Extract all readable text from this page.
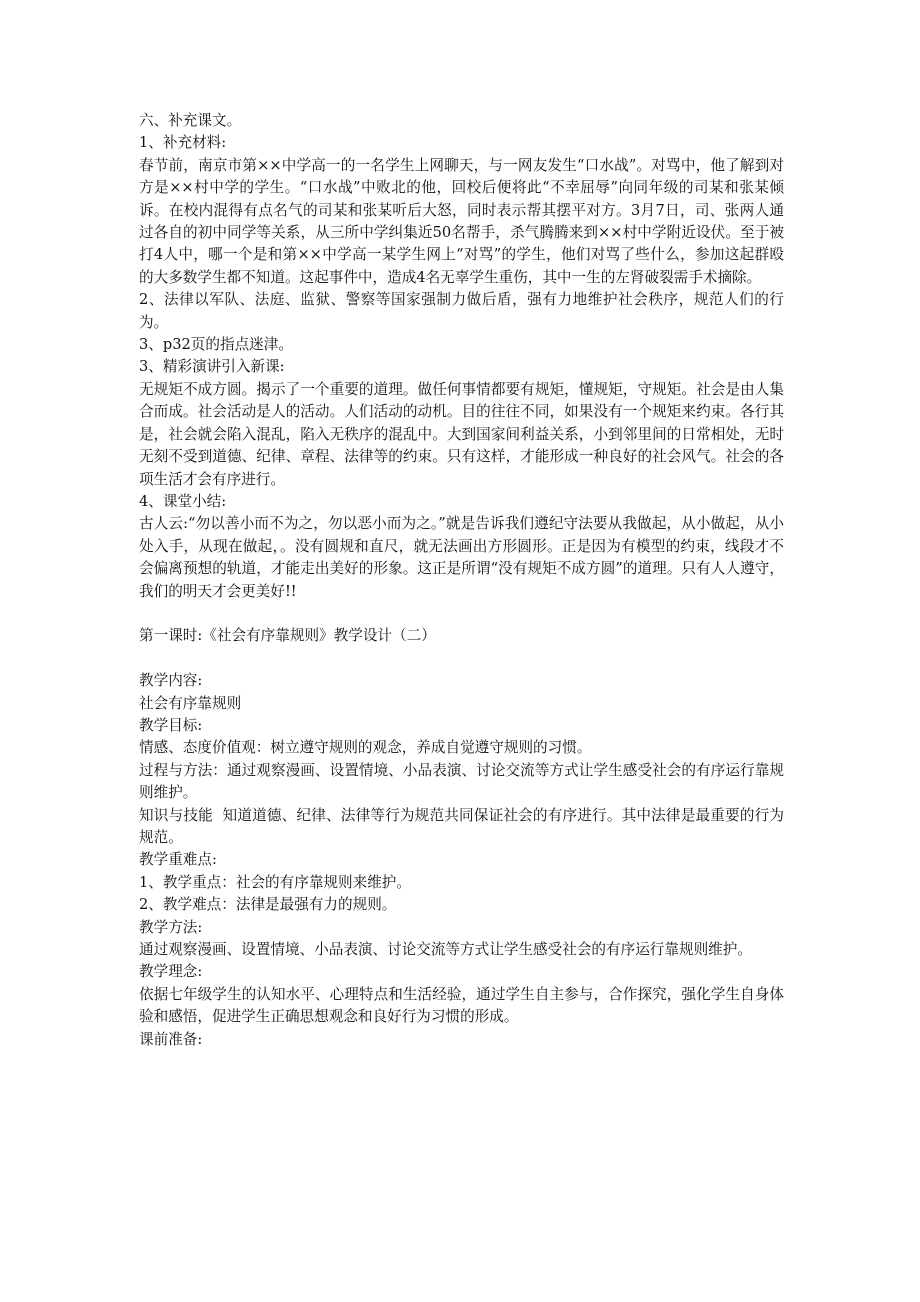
六、补充课文。
1、补充材料:
春节前，南京市第××中学高一的一名学生上网聊天，与一网友发生“口水战”。对骂中，他了解到对方是××村中学的学生。“口水战”中败北的他，回校后便将此“不幸屈辱”向同年级的司某和张某倾诉。在校内混得有点名气的司某和张某听后大怒，同时表示帮其摆平对方。3月7日，司、张两人通过各自的初中同学等关系，从三所中学纠集近50名帮手，杀气腾腾来到××村中学附近设伏。至于被打4人中，哪一个是和第××中学高一某学生网上“对骂”的学生，他们对骂了些什么，参加这起群殴的大多数学生都不知道。这起事件中，造成4名无辜学生重伤，其中一生的左肾破裂需手术摘除。
2、法律以军队、法庭、监狱、警察等国家强制力做后盾，强有力地维护社会秩序，规范人们的行为。
3、p32页的指点迷津。
3、精彩演讲引入新课:
无规矩不成方圆。揭示了一个重要的道理。做任何事情都要有规矩，懂规矩，守规矩。社会是由人集合而成。社会活动是人的活动。人们活动的动机。目的往往不同，如果没有一个规矩来约束。各行其是，社会就会陷入混乱，陷入无秩序的混乱中。大到国家间利益关系，小到邻里间的日常相处，无时无刻不受到道德、纪律、章程、法律等的约束。只有这样，才能形成一种良好的社会风气。社会的各项生活才会有序进行。
4、课堂小结:
古人云:“勿以善小而不为之，勿以恶小而为之。”就是告诉我们遵纪守法要从我做起，从小做起，从小处入手，从现在做起，。没有圆规和直尺，就无法画出方形圆形。正是因为有模型的约束，线段才不会偏离预想的轨道，才能走出美好的形象。这正是所谓“没有规矩不成方圆”的道理。只有人人遵守，我们的明天才会更美好!!
第一课时:《社会有序靠规则》教学设计（二）
教学内容:
社会有序靠规则
教学目标:
情感、态度价值观：树立遵守规则的观念，养成自觉遵守规则的习惯。
过程与方法：通过观察漫画、设置情境、小品表演、讨论交流等方式让学生感受社会的有序运行靠规则维护。
知识与技能  知道道德、纪律、法律等行为规范共同保证社会的有序进行。其中法律是最重要的行为规范。
教学重难点:
1、教学重点：社会的有序靠规则来维护。
2、教学难点：法律是最强有力的规则。
教学方法:
通过观察漫画、设置情境、小品表演、讨论交流等方式让学生感受社会的有序运行靠规则维护。
教学理念:
依据七年级学生的认知水平、心理特点和生活经验，通过学生自主参与，合作探究，强化学生自身体验和感悟，促进学生正确思想观念和良好行为习惯的形成。
课前准备:
